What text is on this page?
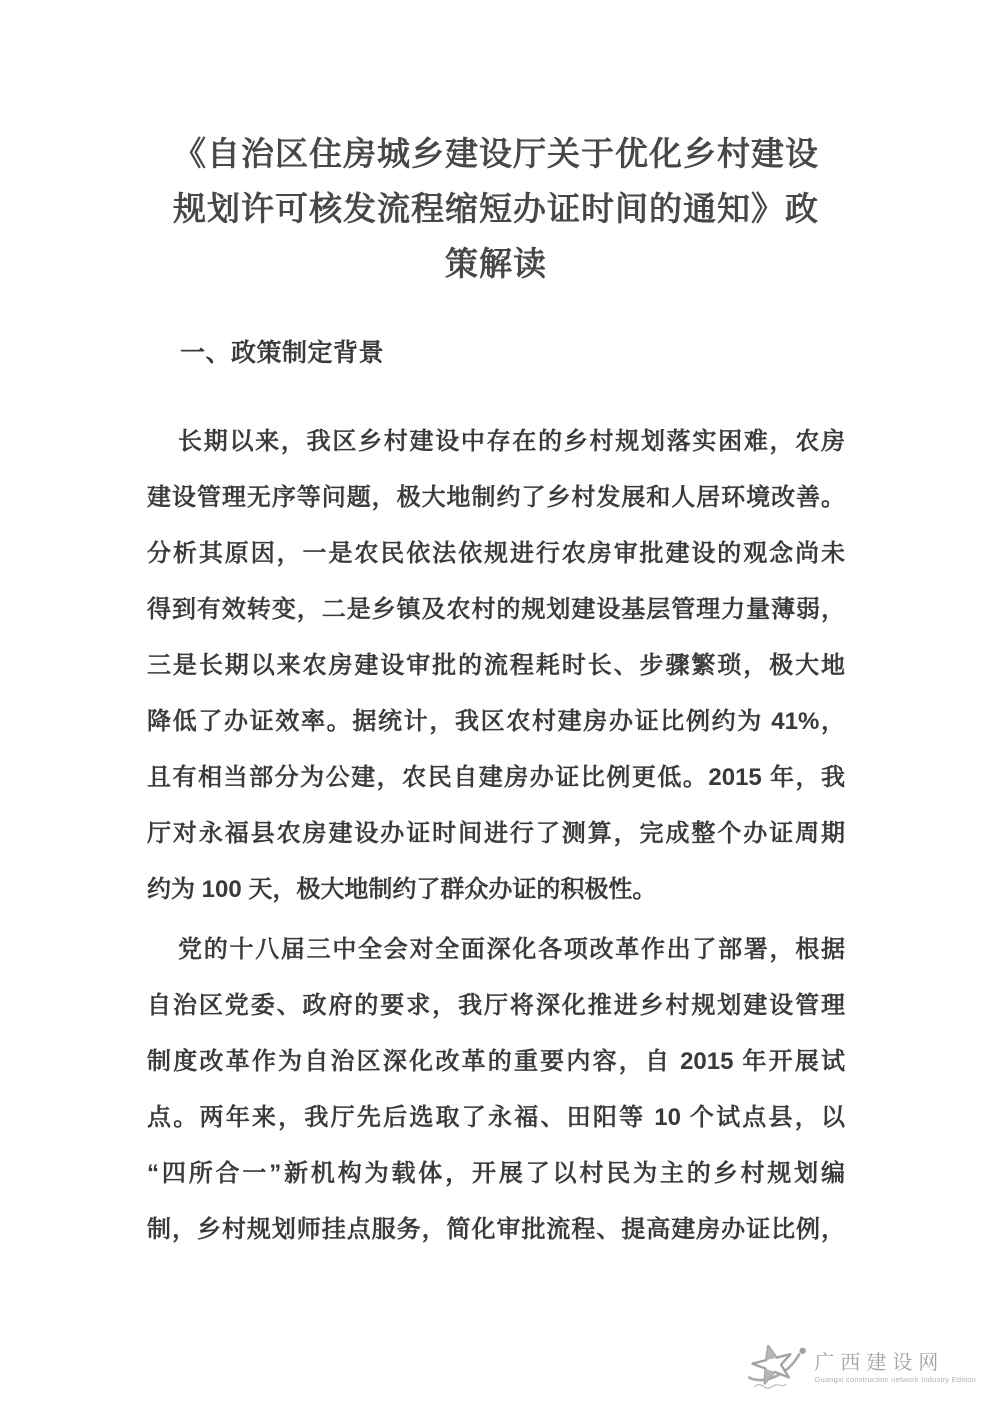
《自治区住房城乡建设厅关于优化乡村建设
规划许可核发流程缩短办证时间的通知》政
策解读
一、政策制定背景
长期以来，我区乡村建设中存在的乡村规划落实困难，农房
建设管理无序等问题，极大地制约了乡村发展和人居环境改善。
分析其原因，一是农民依法依规进行农房审批建设的观念尚未
得到有效转变，二是乡镇及农村的规划建设基层管理力量薄弱，
三是长期以来农房建设审批的流程耗时长、步骤繁琐，极大地
降低了办证效率。据统计，我区农村建房办证比例约为 41%，
且有相当部分为公建，农民自建房办证比例更低。2015 年，我
厅对永福县农房建设办证时间进行了测算，完成整个办证周期
约为 100 天，极大地制约了群众办证的积极性。
党的十八届三中全会对全面深化各项改革作出了部署，根据
自治区党委、政府的要求，我厅将深化推进乡村规划建设管理
制度改革作为自治区深化改革的重要内容，自 2015 年开展试
点。两年来，我厅先后选取了永福、田阳等 10 个试点县，以
“四所合一”新机构为载体，开展了以村民为主的乡村规划编
制，乡村规划师挂点服务，简化审批流程、提高建房办证比例，
广西建设网
Guangxi construction network Industry Edition
